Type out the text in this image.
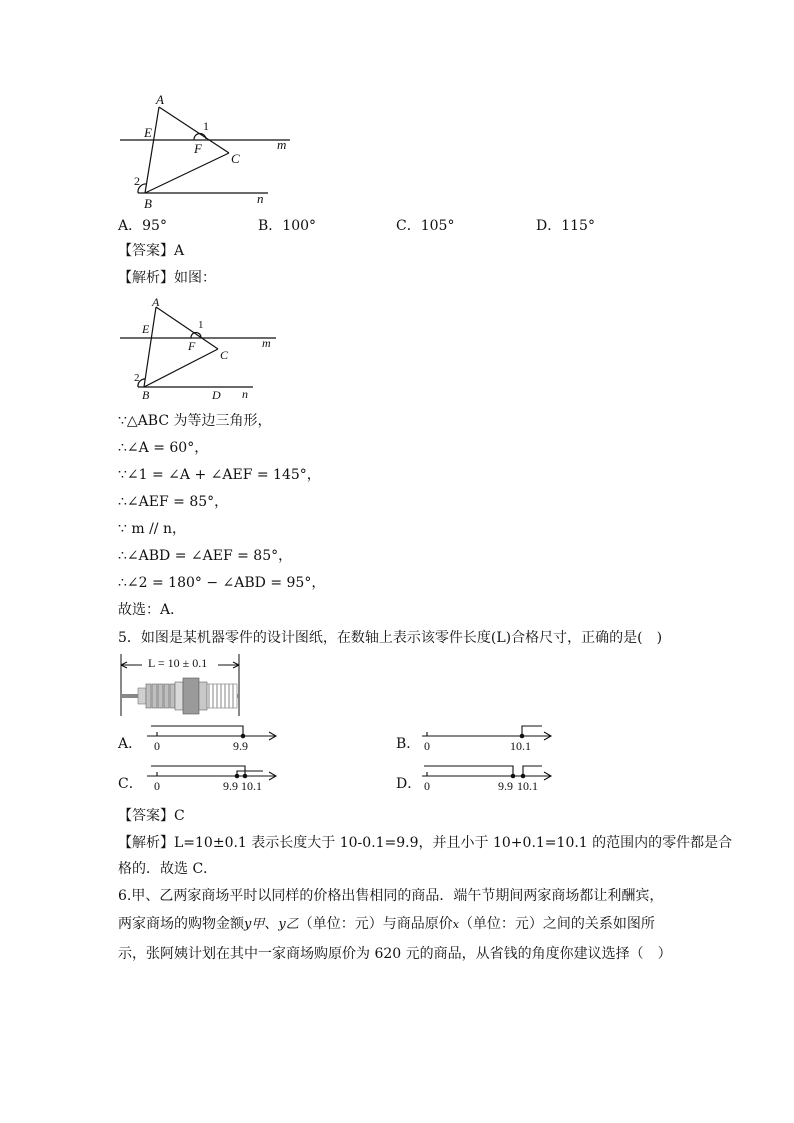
A
E	1
F
C
m
2
B	n
A．95°	B．100°	C．105°	D．115°
【答案】A
【解析】如图：
A
E	1
F
C
m
2
B	D n
∵△ABC 为等边三角形，
∴∠A = 60°，
∵∠1 = ∠A + ∠AEF = 145°，
∴∠AEF = 85°，
∵ m // n，
∴∠ABD = ∠AEF = 85°，
∴∠2 = 180° − ∠ABD = 95°，
故选：A．
5．如图是某机器零件的设计图纸，在数轴上表示该零件长度(L)合格尺寸，正确的是(　)
L = 10 ± 0.1
A． 0	9.9	B． 0	10.1
C． 0	9.9 10.1	D． 0	9.9 10.1
【答案】C
【解析】L=10±0.1 表示长度大于 10-0.1=9.9，并且小于 10+0.1=10.1 的范围内的零件都是合
格的．故选 C．
6.甲、乙两家商场平时以同样的价格出售相同的商品．端午节期间两家商场都让利酬宾，
两家商场的购物金额y甲、y乙（单位：元）与商品原价x（单位：元）之间的关系如图所
示，张阿姨计划在其中一家商场购原价为 620 元的商品，从省钱的角度你建议选择（　）
